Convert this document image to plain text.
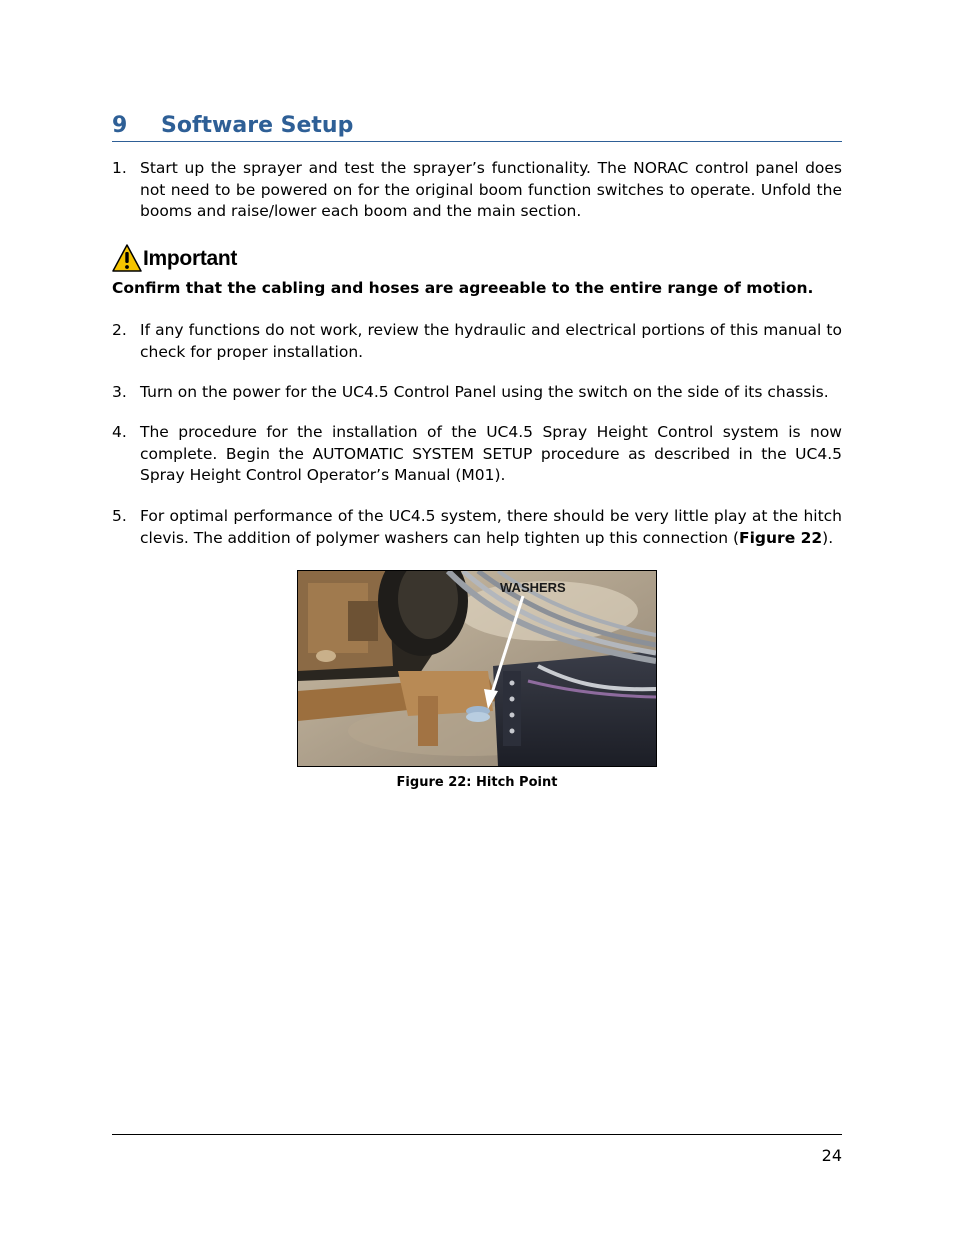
9 Software Setup
1. Start up the sprayer and test the sprayer’s functionality. The NORAC control panel does not need to be powered on for the original boom function switches to operate. Unfold the booms and raise/lower each boom and the main section.
Important
Confirm that the cabling and hoses are agreeable to the entire range of motion.
2. If any functions do not work, review the hydraulic and electrical portions of this manual to check for proper installation.
3. Turn on the power for the UC4.5 Control Panel using the switch on the side of its chassis.
4. The procedure for the installation of the UC4.5 Spray Height Control system is now complete. Begin the AUTOMATIC SYSTEM SETUP procedure as described in the UC4.5 Spray Height Control Operator’s Manual (M01).
5. For optimal performance of the UC4.5 system, there should be very little play at the hitch clevis. The addition of polymer washers can help tighten up this connection (Figure 22).
WASHERS
Figure 22: Hitch Point
24
